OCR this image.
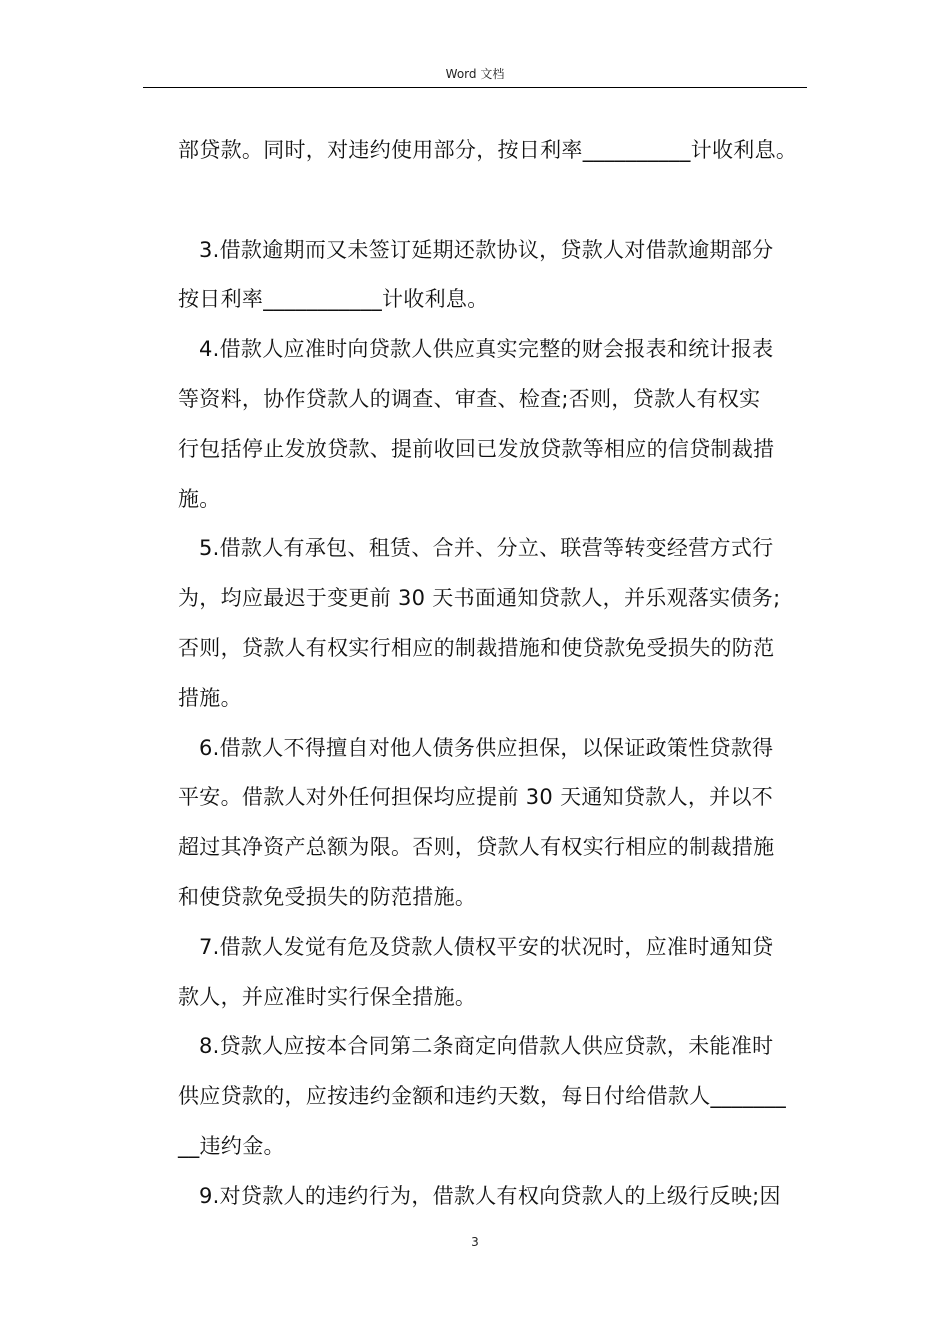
Word 文档
部贷款。同时，对违约使用部分，按日利率__________计收利息。
3.借款逾期而又未签订延期还款协议，贷款人对借款逾期部分
按日利率___________计收利息。
4.借款人应准时向贷款人供应真实完整的财会报表和统计报表
等资料，协作贷款人的调查、审查、检查;否则，贷款人有权实
行包括停止发放贷款、提前收回已发放贷款等相应的信贷制裁措
施。
5.借款人有承包、租赁、合并、分立、联营等转变经营方式行
为，均应最迟于变更前 30 天书面通知贷款人，并乐观落实债务;
否则，贷款人有权实行相应的制裁措施和使贷款免受损失的防范
措施。
6.借款人不得擅自对他人债务供应担保，以保证政策性贷款得
平安。借款人对外任何担保均应提前 30 天通知贷款人，并以不
超过其净资产总额为限。否则，贷款人有权实行相应的制裁措施
和使贷款免受损失的防范措施。
7.借款人发觉有危及贷款人债权平安的状况时，应准时通知贷
款人，并应准时实行保全措施。
8.贷款人应按本合同第二条商定向借款人供应贷款，未能准时
供应贷款的，应按违约金额和违约天数，每日付给借款人_______
__违约金。
9.对贷款人的违约行为，借款人有权向贷款人的上级行反映;因
3
